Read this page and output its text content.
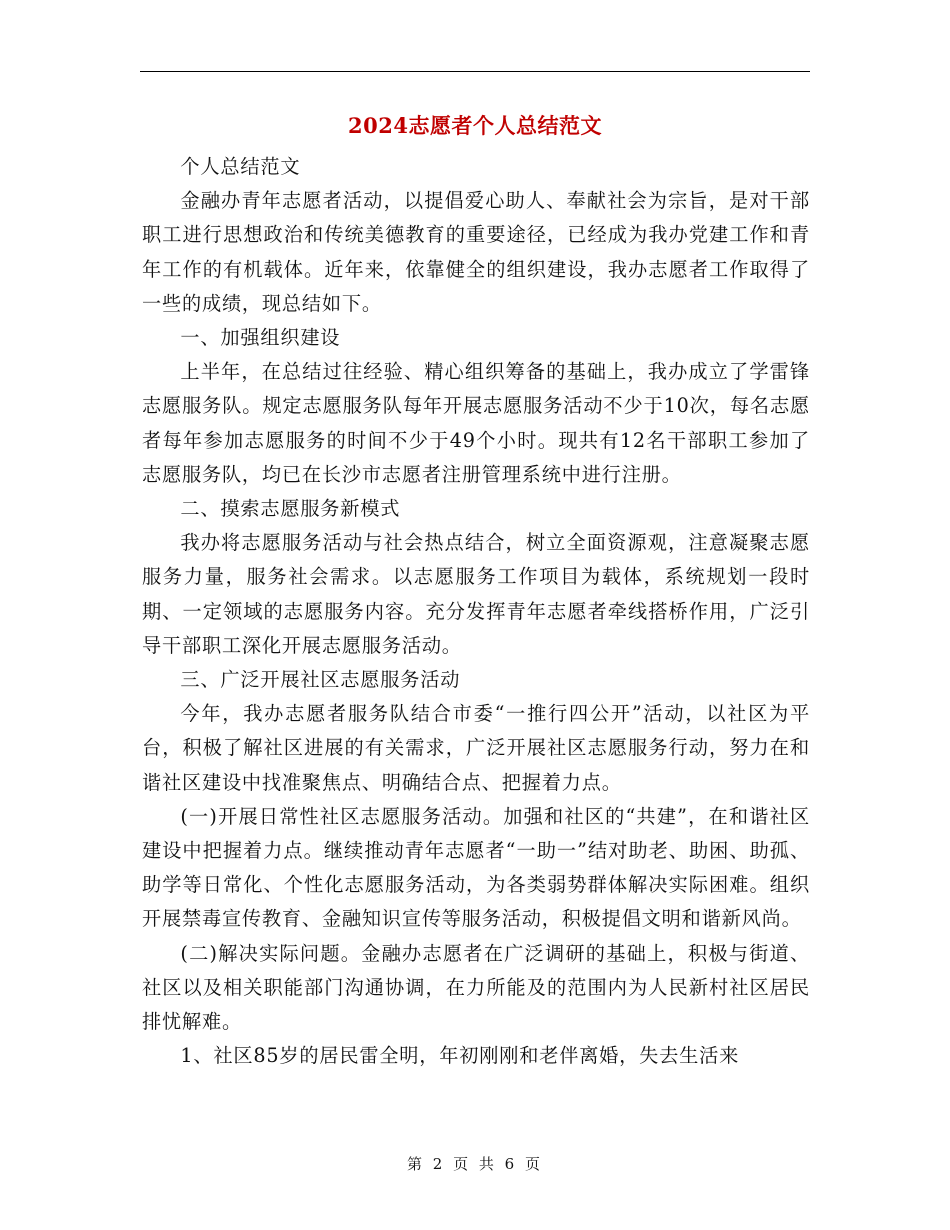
2024志愿者个人总结范文

个人总结范文

金融办青年志愿者活动，以提倡爱心助人、奉献社会为宗旨，是对干部职工进行思想政治和传统美德教育的重要途径，已经成为我办党建工作和青年工作的有机载体。近年来，依靠健全的组织建设，我办志愿者工作取得了一些的成绩，现总结如下。

一、加强组织建设

上半年，在总结过往经验、精心组织筹备的基础上，我办成立了学雷锋志愿服务队。规定志愿服务队每年开展志愿服务活动不少于10次，每名志愿者每年参加志愿服务的时间不少于49个小时。现共有12名干部职工参加了志愿服务队，均已在长沙市志愿者注册管理系统中进行注册。

二、摸索志愿服务新模式

我办将志愿服务活动与社会热点结合，树立全面资源观，注意凝聚志愿服务力量，服务社会需求。以志愿服务工作项目为载体，系统规划一段时期、一定领域的志愿服务内容。充分发挥青年志愿者牵线搭桥作用，广泛引导干部职工深化开展志愿服务活动。

三、广泛开展社区志愿服务活动

今年，我办志愿者服务队结合市委“一推行四公开”活动，以社区为平台，积极了解社区进展的有关需求，广泛开展社区志愿服务行动，努力在和谐社区建设中找准聚焦点、明确结合点、把握着力点。

(一)开展日常性社区志愿服务活动。加强和社区的“共建”，在和谐社区建设中把握着力点。继续推动青年志愿者“一助一”结对助老、助困、助孤、助学等日常化、个性化志愿服务活动，为各类弱势群体解决实际困难。组织开展禁毒宣传教育、金融知识宣传等服务活动，积极提倡文明和谐新风尚。

(二)解决实际问题。金融办志愿者在广泛调研的基础上，积极与街道、社区以及相关职能部门沟通协调，在力所能及的范围内为人民新村社区居民排忧解难。

1、社区85岁的居民雷全明，年初刚刚和老伴离婚，失去生活来

第 2 页 共 6 页
